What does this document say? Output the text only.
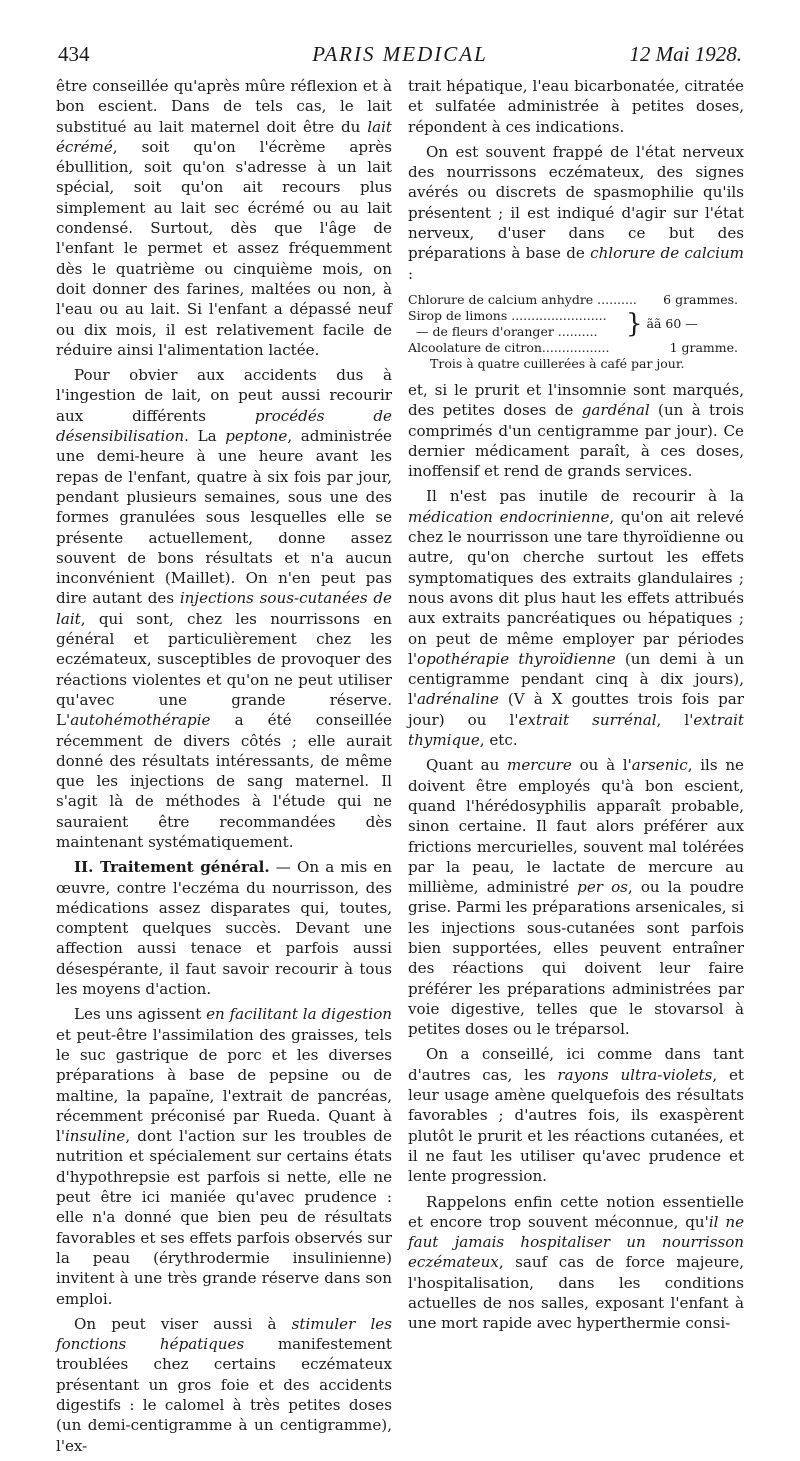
434	PARIS MEDICAL	12 Mai 1928.

être conseillée qu'après mûre réflexion et à bon escient. Dans de tels cas, le lait substitué au lait maternel doit être du lait écrémé, soit qu'on l'écrème après ébullition, soit qu'on s'adresse à un lait spécial, soit qu'on ait recours plus simplement au lait sec écrémé ou au lait condensé. Surtout, dès que l'âge de l'enfant le permet et assez fréquemment dès le quatrième ou cinquième mois, on doit donner des farines, maltées ou non, à l'eau ou au lait. Si l'enfant a dépassé neuf ou dix mois, il est relativement facile de réduire ainsi l'alimentation lactée.

Pour obvier aux accidents dus à l'ingestion de lait, on peut aussi recourir aux différents procédés de désensibilisation. La peptone, administrée une demi-heure à une heure avant les repas de l'enfant, quatre à six fois par jour, pendant plusieurs semaines, sous une des formes granulées sous lesquelles elle se présente actuellement, donne assez souvent de bons résultats et n'a aucun inconvénient (Maillet). On n'en peut pas dire autant des injections sous-cutanées de lait, qui sont, chez les nourrissons en général et particulièrement chez les eczémateux, susceptibles de provoquer des réactions violentes et qu'on ne peut utiliser qu'avec une grande réserve. L'autohémothérapie a été conseillée récemment de divers côtés ; elle aurait donné des résultats intéressants, de même que les injections de sang maternel. Il s'agit là de méthodes à l'étude qui ne sauraient être recommandées dès maintenant systématiquement.

II. Traitement général. — On a mis en œuvre, contre l'eczéma du nourrisson, des médications assez disparates qui, toutes, comptent quelques succès. Devant une affection aussi tenace et parfois aussi désespérante, il faut savoir recourir à tous les moyens d'action.

Les uns agissent en facilitant la digestion et peut-être l'assimilation des graisses, tels le suc gastrique de porc et les diverses préparations à base de pepsine ou de maltine, la papaïne, l'extrait de pancréas, récemment préconisé par Rueda. Quant à l'insuline, dont l'action sur les troubles de nutrition et spécialement sur certains états d'hypothrepsie est parfois si nette, elle ne peut être ici maniée qu'avec prudence : elle n'a donné que bien peu de résultats favorables et ses effets parfois observés sur la peau (érythrodermie insulinienne) invitent à une très grande réserve dans son emploi.

On peut viser aussi à stimuler les fonctions hépatiques manifestement troublées chez certains eczémateux présentant un gros foie et des accidents digestifs : le calomel à très petites doses (un demi-centigramme à un centigramme), l'ex-

trait hépatique, l'eau bicarbonatée, citratée et sulfatée administrée à petites doses, répondent à ces indications.

On est souvent frappé de l'état nerveux des nourrissons eczémateux, des signes avérés ou discrets de spasmophilie qu'ils présentent ; il est indiqué d'agir sur l'état nerveux, d'user dans ce but des préparations à base de chlorure de calcium :

Chlorure de calcium anhydre ..........	6 grammes.
Sirop de limons ........................
— de fleurs d'oranger ..........	} ãã 60 —
Alcoolature de citron.................	1 gramme.
Trois à quatre cuillerées à café par jour.

et, si le prurit et l'insomnie sont marqués, des petites doses de gardénal (un à trois comprimés d'un centigramme par jour). Ce dernier médicament paraît, à ces doses, inoffensif et rend de grands services.

Il n'est pas inutile de recourir à la médication endocrinienne, qu'on ait relevé chez le nourrisson une tare thyroïdienne ou autre, qu'on cherche surtout les effets symptomatiques des extraits glandulaires ; nous avons dit plus haut les effets attribués aux extraits pancréatiques ou hépatiques ; on peut de même employer par périodes l'opothérapie thyroïdienne (un demi à un centigramme pendant cinq à dix jours), l'adrénaline (V à X gouttes trois fois par jour) ou l'extrait surrénal, l'extrait thymique, etc.

Quant au mercure ou à l'arsenic, ils ne doivent être employés qu'à bon escient, quand l'hérédosyphilis apparaît probable, sinon certaine. Il faut alors préférer aux frictions mercurielles, souvent mal tolérées par la peau, le lactate de mercure au millième, administré per os, ou la poudre grise. Parmi les préparations arsenicales, si les injections sous-cutanées sont parfois bien supportées, elles peuvent entraîner des réactions qui doivent leur faire préférer les préparations administrées par voie digestive, telles que le stovarsol à petites doses ou le tréparsol.

On a conseillé, ici comme dans tant d'autres cas, les rayons ultra-violets, et leur usage amène quelquefois des résultats favorables ; d'autres fois, ils exaspèrent plutôt le prurit et les réactions cutanées, et il ne faut les utiliser qu'avec prudence et lente progression.

Rappelons enfin cette notion essentielle et encore trop souvent méconnue, qu'il ne faut jamais hospitaliser un nourrisson eczémateux, sauf cas de force majeure, l'hospitalisation, dans les conditions actuelles de nos salles, exposant l'enfant à une mort rapide avec hyperthermie consi-
